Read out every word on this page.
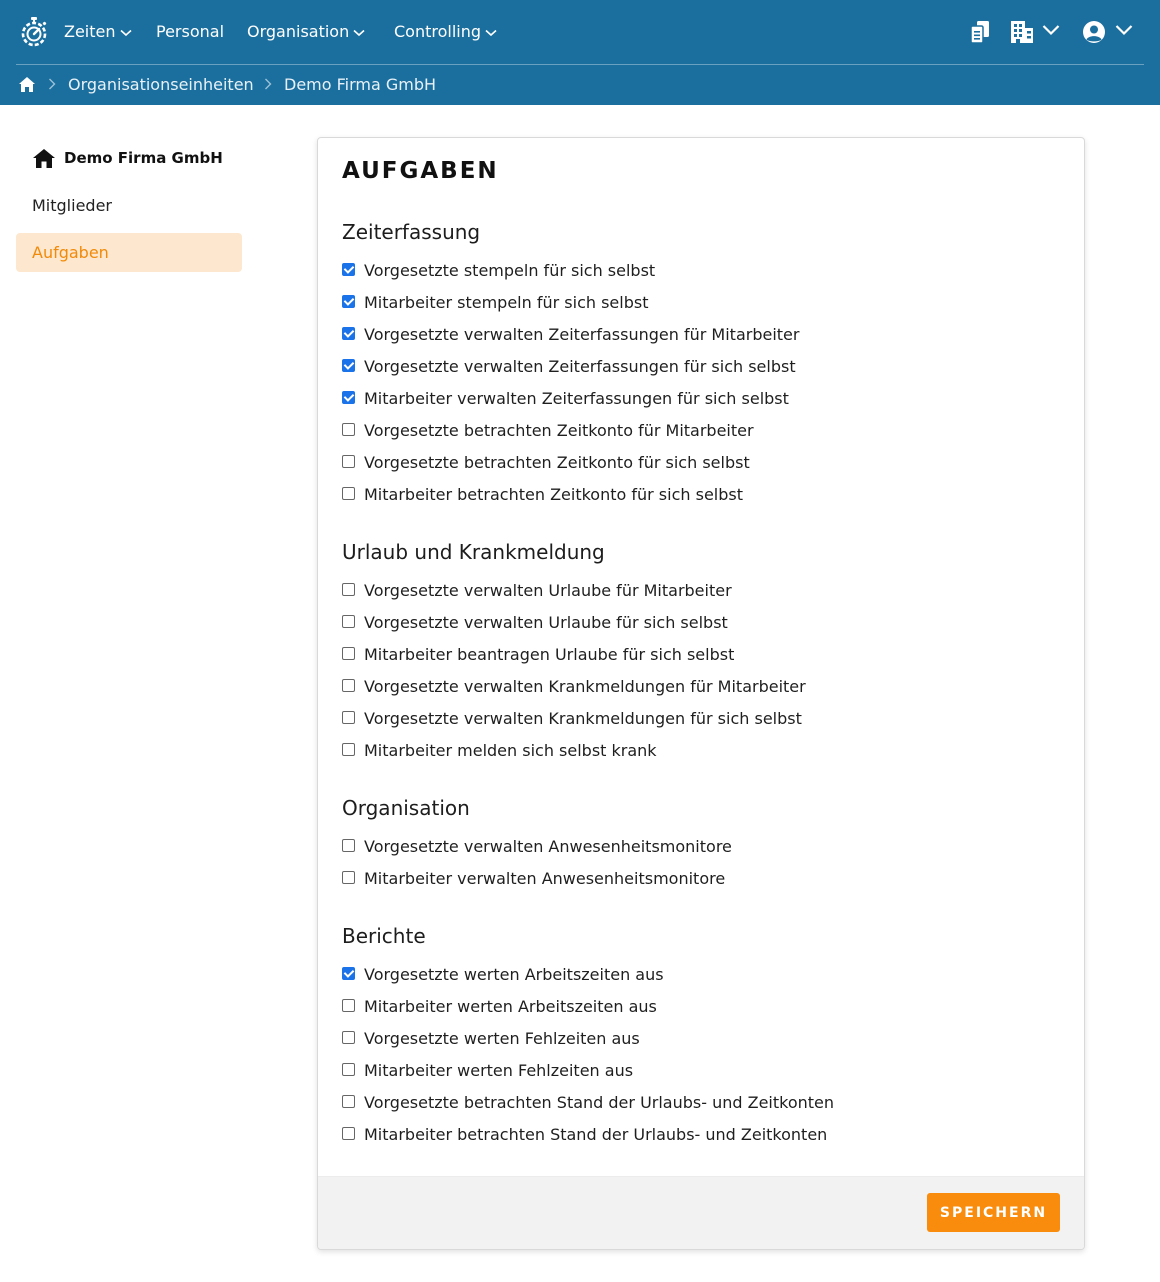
Zeiten	Personal Organisation	Controlling
Organisationseinheiten Demo Firma GmbH
Demo Firma GmbH
Mitglieder
Aufgaben
AUFGABEN
Zeiterfassung
Vorgesetzte stempeln für sich selbst
Mitarbeiter stempeln für sich selbst
Vorgesetzte verwalten Zeiterfassungen für Mitarbeiter
Vorgesetzte verwalten Zeiterfassungen für sich selbst
Mitarbeiter verwalten Zeiterfassungen für sich selbst
Vorgesetzte betrachten Zeitkonto für Mitarbeiter
Vorgesetzte betrachten Zeitkonto für sich selbst
Mitarbeiter betrachten Zeitkonto für sich selbst
Urlaub und Krankmeldung
Vorgesetzte verwalten Urlaube für Mitarbeiter
Vorgesetzte verwalten Urlaube für sich selbst
Mitarbeiter beantragen Urlaube für sich selbst
Vorgesetzte verwalten Krankmeldungen für Mitarbeiter
Vorgesetzte verwalten Krankmeldungen für sich selbst
Mitarbeiter melden sich selbst krank
Organisation
Vorgesetzte verwalten Anwesenheitsmonitore
Mitarbeiter verwalten Anwesenheitsmonitore
Berichte
Vorgesetzte werten Arbeitszeiten aus
Mitarbeiter werten Arbeitszeiten aus
Vorgesetzte werten Fehlzeiten aus
Mitarbeiter werten Fehlzeiten aus
Vorgesetzte betrachten Stand der Urlaubs- und Zeitkonten
Mitarbeiter betrachten Stand der Urlaubs- und Zeitkonten
SPEICHERN
